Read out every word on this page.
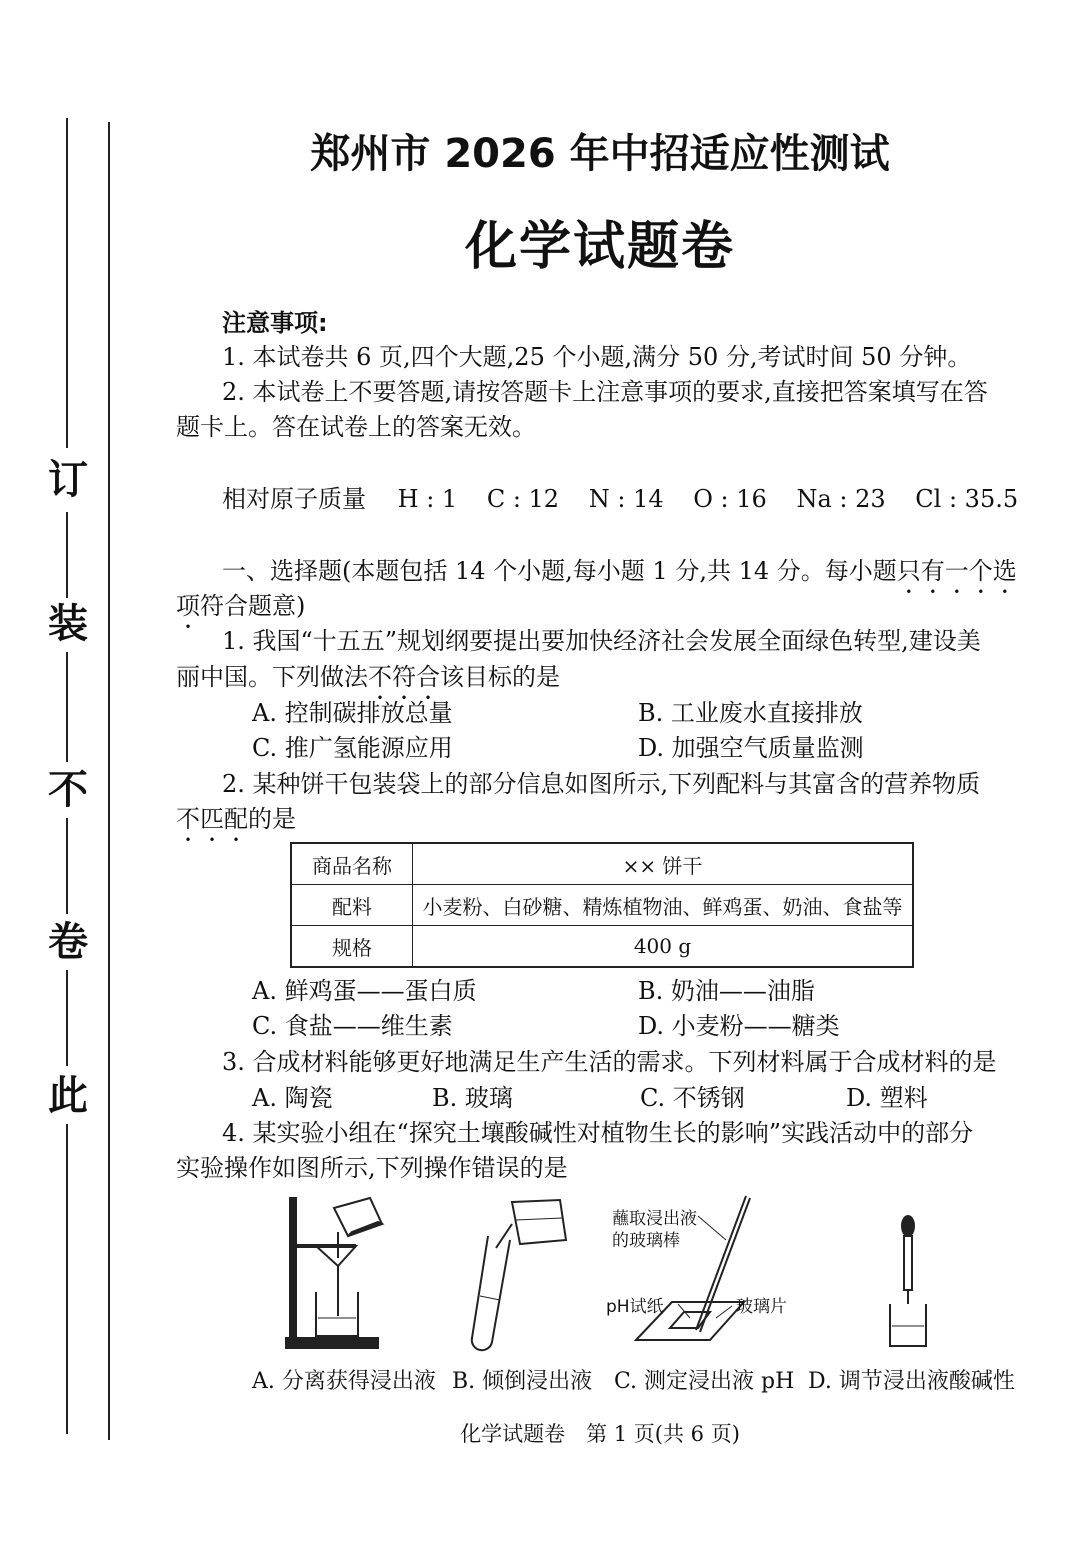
订
装
不
卷
此
郑州市 2026 年中招适应性测试
化学试题卷
注意事项:
1. 本试卷共 6 页,四个大题,25 个小题,满分 50 分,考试时间 50 分钟。
2. 本试卷上不要答题,请按答题卡上注意事项的要求,直接把答案填写在答
题卡上。答在试卷上的答案无效。
相对原子质量 H : 1 C : 12 N : 14 O : 16 Na : 23 Cl : 35.5
一、选择题(本题包括 14 个小题,每小题 1 分,共 14 分。每小题只有一个选
项符合题意)
1. 我国“十五五”规划纲要提出要加快经济社会发展全面绿色转型,建设美
丽中国。下列做法不符合该目标的是
A. 控制碳排放总量	B. 工业废水直接排放
C. 推广氢能源应用	D. 加强空气质量监测
2. 某种饼干包装袋上的部分信息如图所示,下列配料与其富含的营养物质
不匹配的是
商品名称	×× 饼干
配料	小麦粉、白砂糖、精炼植物油、鲜鸡蛋、奶油、食盐等
规格	400 g
A. 鲜鸡蛋——蛋白质	B. 奶油——油脂
C. 食盐——维生素	D. 小麦粉——糖类
3. 合成材料能够更好地满足生产生活的需求。下列材料属于合成材料的是
A. 陶瓷	B. 玻璃	C. 不锈钢	D. 塑料
4. 某实验小组在“探究土壤酸碱性对植物生长的影响”实践活动中的部分
实验操作如图所示,下列操作错误的是
蘸取浸出液
的玻璃棒
pH试纸	玻璃片
A. 分离获得浸出液 B. 倾倒浸出液 C. 测定浸出液 pH D. 调节浸出液酸碱性
化学试题卷　第 1 页(共 6 页)
